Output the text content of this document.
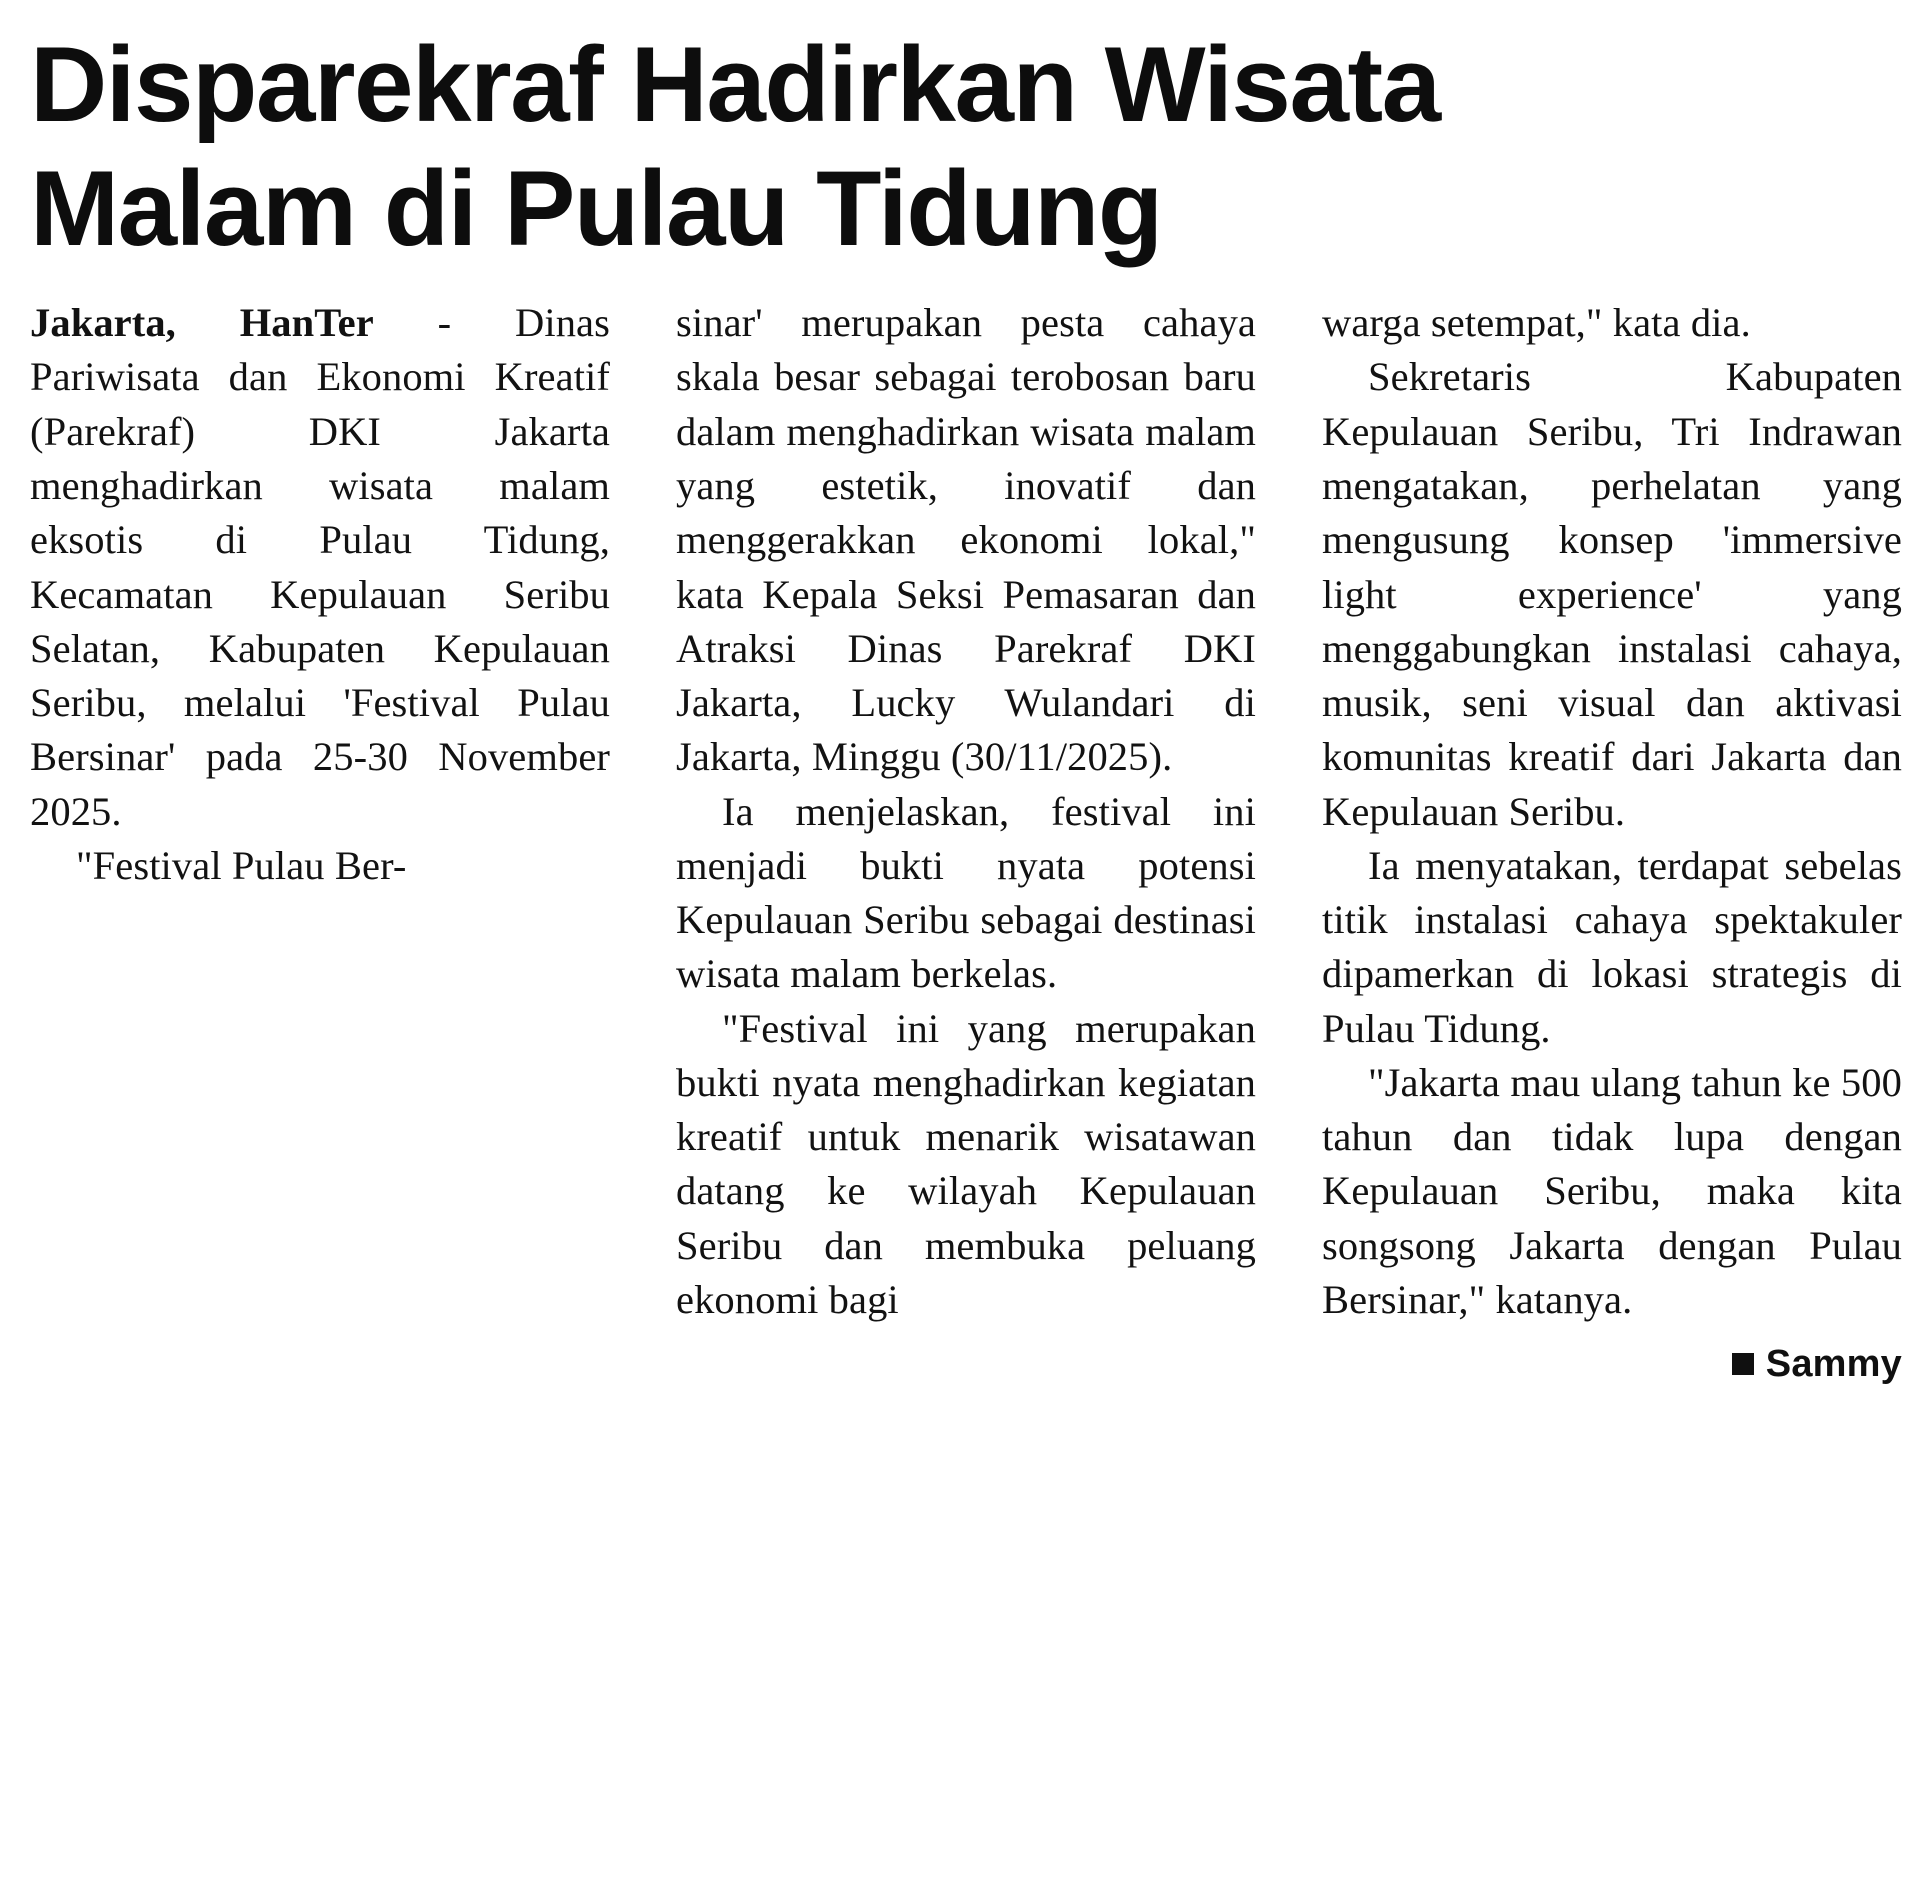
Disparekraf Hadirkan Wisata
Malam di Pulau Tidung

Jakarta, HanTer - Dinas Pariwisata dan Ekonomi Kreatif (Parekraf) DKI Jakarta menghadirkan wisata malam eksotis di Pulau Tidung, Kecamatan Kepulauan Seribu Selatan, Kabupaten Kepulauan Seribu, melalui 'Festival Pulau Bersinar' pada 25-30 November 2025.

"Festival Pulau Ber-

sinar' merupakan pesta cahaya skala besar sebagai terobosan baru dalam menghadirkan wisata malam yang estetik, inovatif dan menggerakkan ekonomi lokal," kata Kepala Seksi Pemasaran dan Atraksi Dinas Parekraf DKI Jakarta, Lucky Wulandari di Jakarta, Minggu (30/11/2025).

Ia menjelaskan, festival ini menjadi bukti nyata potensi Kepulauan Seribu sebagai destinasi wisata malam berkelas.

"Festival ini yang merupakan bukti nyata menghadirkan kegiatan kreatif untuk menarik wisatawan datang ke wilayah Kepulauan Seribu dan membuka peluang ekonomi bagi

warga setempat," kata dia.

Sekretaris Kabupaten Kepulauan Seribu, Tri Indrawan mengatakan, perhelatan yang mengusung konsep 'immersive light experience' yang menggabungkan instalasi cahaya, musik, seni visual dan aktivasi komunitas kreatif dari Jakarta dan Kepulauan Seribu.

Ia menyatakan, terdapat sebelas titik instalasi cahaya spektakuler dipamerkan di lokasi strategis di Pulau Tidung.

"Jakarta mau ulang tahun ke 500 tahun dan tidak lupa dengan Kepulauan Seribu, maka kita songsong Jakarta dengan Pulau Bersinar," katanya.

Sammy
